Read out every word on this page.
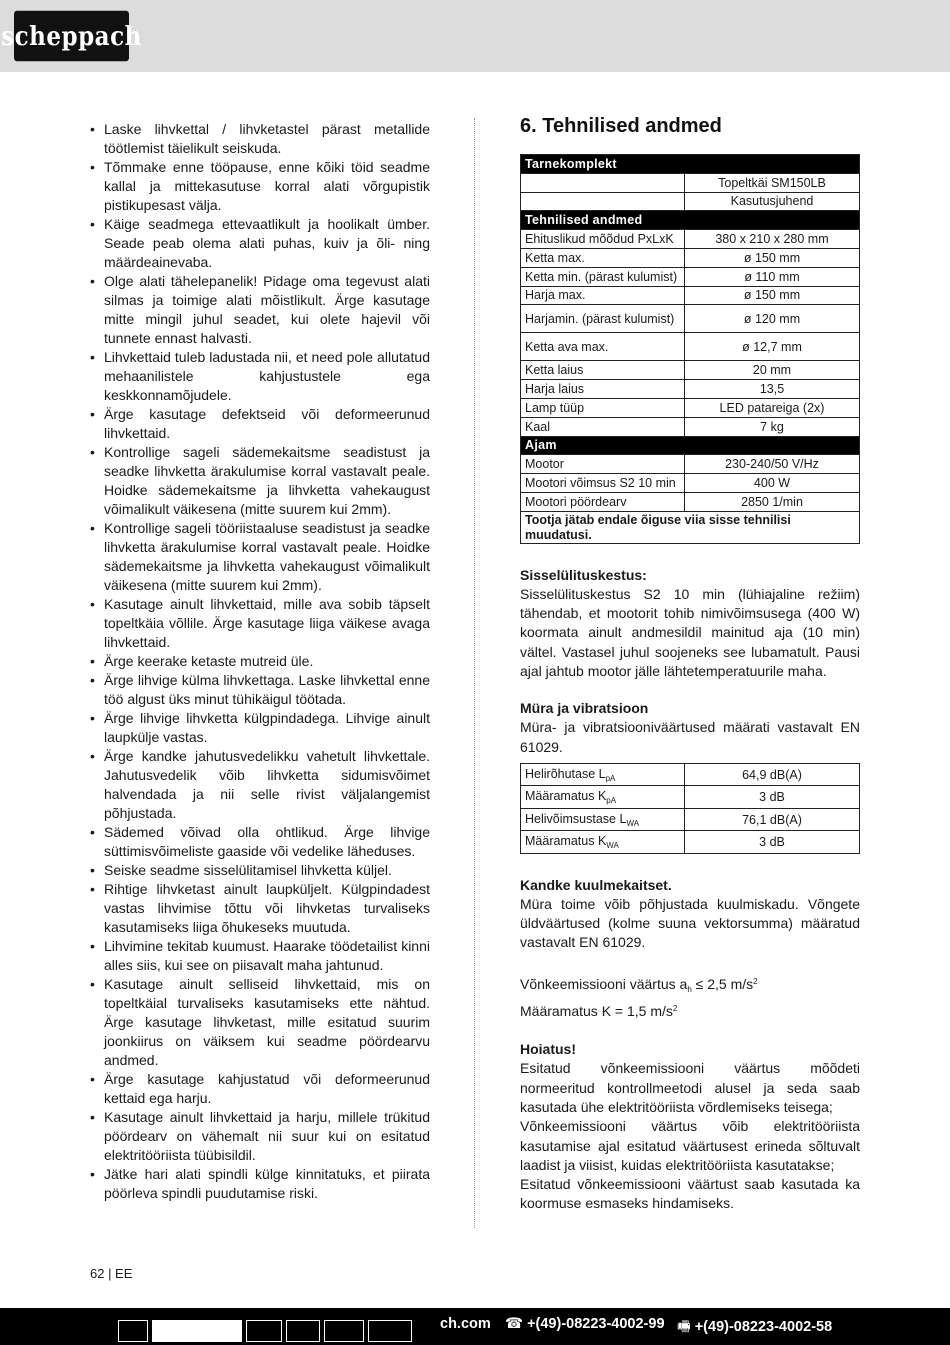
scheppach
• Laske lihvkettal / lihvketastel pärast metallide töötlemist täielikult seiskuda.
• Tõmmake enne tööpause, enne kõiki töid seadme kallal ja mittekasutuse korral alati võrgupistik pistikupesast välja.
• Käige seadmega ettevaatlikult ja hoolikalt ümber. Seade peab olema alati puhas, kuiv ja õli- ning määrdeainevaba.
• Olge alati tähelepanelik! Pidage oma tegevust alati silmas ja toimige alati mõistlikult. Ärge kasutage mitte mingil juhul seadet, kui olete hajevil või tunnete ennast halvasti.
• Lihvkettaid tuleb ladustada nii, et need pole allutatud mehaanilistele kahjustustele ega keskkonnamõjudele.
• Ärge kasutage defektseid või deformeerunud lihvkettaid.
• Kontrollige sageli sädemekaitsme seadistust ja seadke lihvketta ärakulumise korral vastavalt peale. Hoidke sädemekaitsme ja lihvketta vahekaugust võimalikult väikesena (mitte suurem kui 2mm).
• Kontrollige sageli tööriistaaluse seadistust ja seadke lihvketta ärakulumise korral vastavalt peale. Hoidke sädemekaitsme ja lihvketta vahekaugust võimalikult väikesena (mitte suurem kui 2mm).
• Kasutage ainult lihvkettaid, mille ava sobib täpselt topeltkäia võllile. Ärge kasutage liiga väikese avaga lihvkettaid.
• Ärge keerake ketaste mutreid üle.
• Ärge lihvige külma lihvkettaga. Laske lihvkettal enne töö algust üks minut tühikäigul töötada.
• Ärge lihvige lihvketta külgpindadega. Lihvige ainult laupkülje vastas.
• Ärge kandke jahutusvedelikku vahetult lihvkettale. Jahutusvedelik võib lihvketta sidumisvõimet halvendada ja nii selle rivist väljalangemist põhjustada.
• Sädemed võivad olla ohtlikud. Ärge lihvige süttimisvõimeliste gaaside või vedelike läheduses.
• Seiske seadme sisselülitamisel lihvketta küljel.
• Rihtige lihvketast ainult laupküljelt. Külgpindadest vastas lihvimise tõttu või lihvketas turvaliseks kasutamiseks liiga õhukeseks muutuda.
• Lihvimine tekitab kuumust. Haarake töödetailist kinni alles siis, kui see on piisavalt maha jahtunud.
• Kasutage ainult selliseid lihvkettaid, mis on topeltkäial turvaliseks kasutamiseks ette nähtud. Ärge kasutage lihvketast, mille esitatud suurim joonkiirus on väiksem kui seadme pöördearvu andmed.
• Ärge kasutage kahjustatud või deformeerunud kettaid ega harju.
• Kasutage ainult lihvkettaid ja harju, millele trükitud pöördearv on vähemalt nii suur kui on esitatud elektritööriista tüübisildil.
• Jätke hari alati spindli külge kinnitatuks, et piirata pöörleva spindli puudutamise riski.
6. Tehnilised andmed
Tarnekomplekt	
	Topeltkäi SM150LB
	Kasutusjuhend
Tehnilised andmed	
Ehituslikud mõõdud PxLxK	380 x 210 x 280 mm
Ketta max.	ø 150 mm
Ketta min. (pärast kulumist)	ø 110 mm
Harja max.	ø 150 mm
Harjamin. (pärast kulumist)	ø 120 mm
Ketta ava max.	ø 12,7 mm
Ketta laius	20 mm
Harja laius	13,5
Lamp tüüp	LED patareiga (2x)
Kaal	7 kg
Ajam	
Mootor	230-240/50 V/Hz
Mootori võimsus S2 10 min	400 W
Mootori pöördearv	2850 1/min
Tootja jätab endale õiguse viia sisse tehnilisi muudatusi.	
Sisselülituskestus:
Sisselülituskestus S2 10 min (lühiajaline režiim) tähendab, et mootorit tohib nimivõimsusega (400 W) koormata ainult andmesildil mainitud aja (10 min) vältel. Vastasel juhul soojeneks see lubamatult. Pausi ajal jahtub mootor jälle lähtetemperatuurile maha.
Müra ja vibratsioon
Müra- ja vibratsiooniväärtused määrati vastavalt EN 61029.
Helirõhutase $L_{pA}$	64,9 dB(A)
Määramatus $K_{pA}$	3 dB
Helivõimsustase $L_{WA}$	76,1 dB(A)
Määramatus $K_{WA}$	3 dB
Kandke kuulmekaitset.
Müra toime võib põhjustada kuulmiskadu. Võngete üldväärtused (kolme suuna vektorsumma) määratud vastavalt EN 61029.
Võnkeemissiooni väärtus $a_h \le 2,5$ $m/s^2$
Määramatus K = 1,5 $m/s^2$
Hoiatus!
Esitatud võnkeemissiooni väärtus mõõdeti normeeritud kontrollmeetodi alusel ja seda saab kasutada ühe elektritööriista võrdlemiseks teisega;
Võnkeemissiooni väärtus võib elektritööriista kasutamise ajal esitatud väärtusest erineda sõltuvalt laadist ja viisist, kuidas elektritööriista kasutatakse;
Esitatud võnkeemissiooni väärtust saab kasutada ka koormuse esmaseks hindamiseks.
62 | EE
ch.com ☎ +(49)-08223-4002-99 🖷 +(49)-08223-4002-58
